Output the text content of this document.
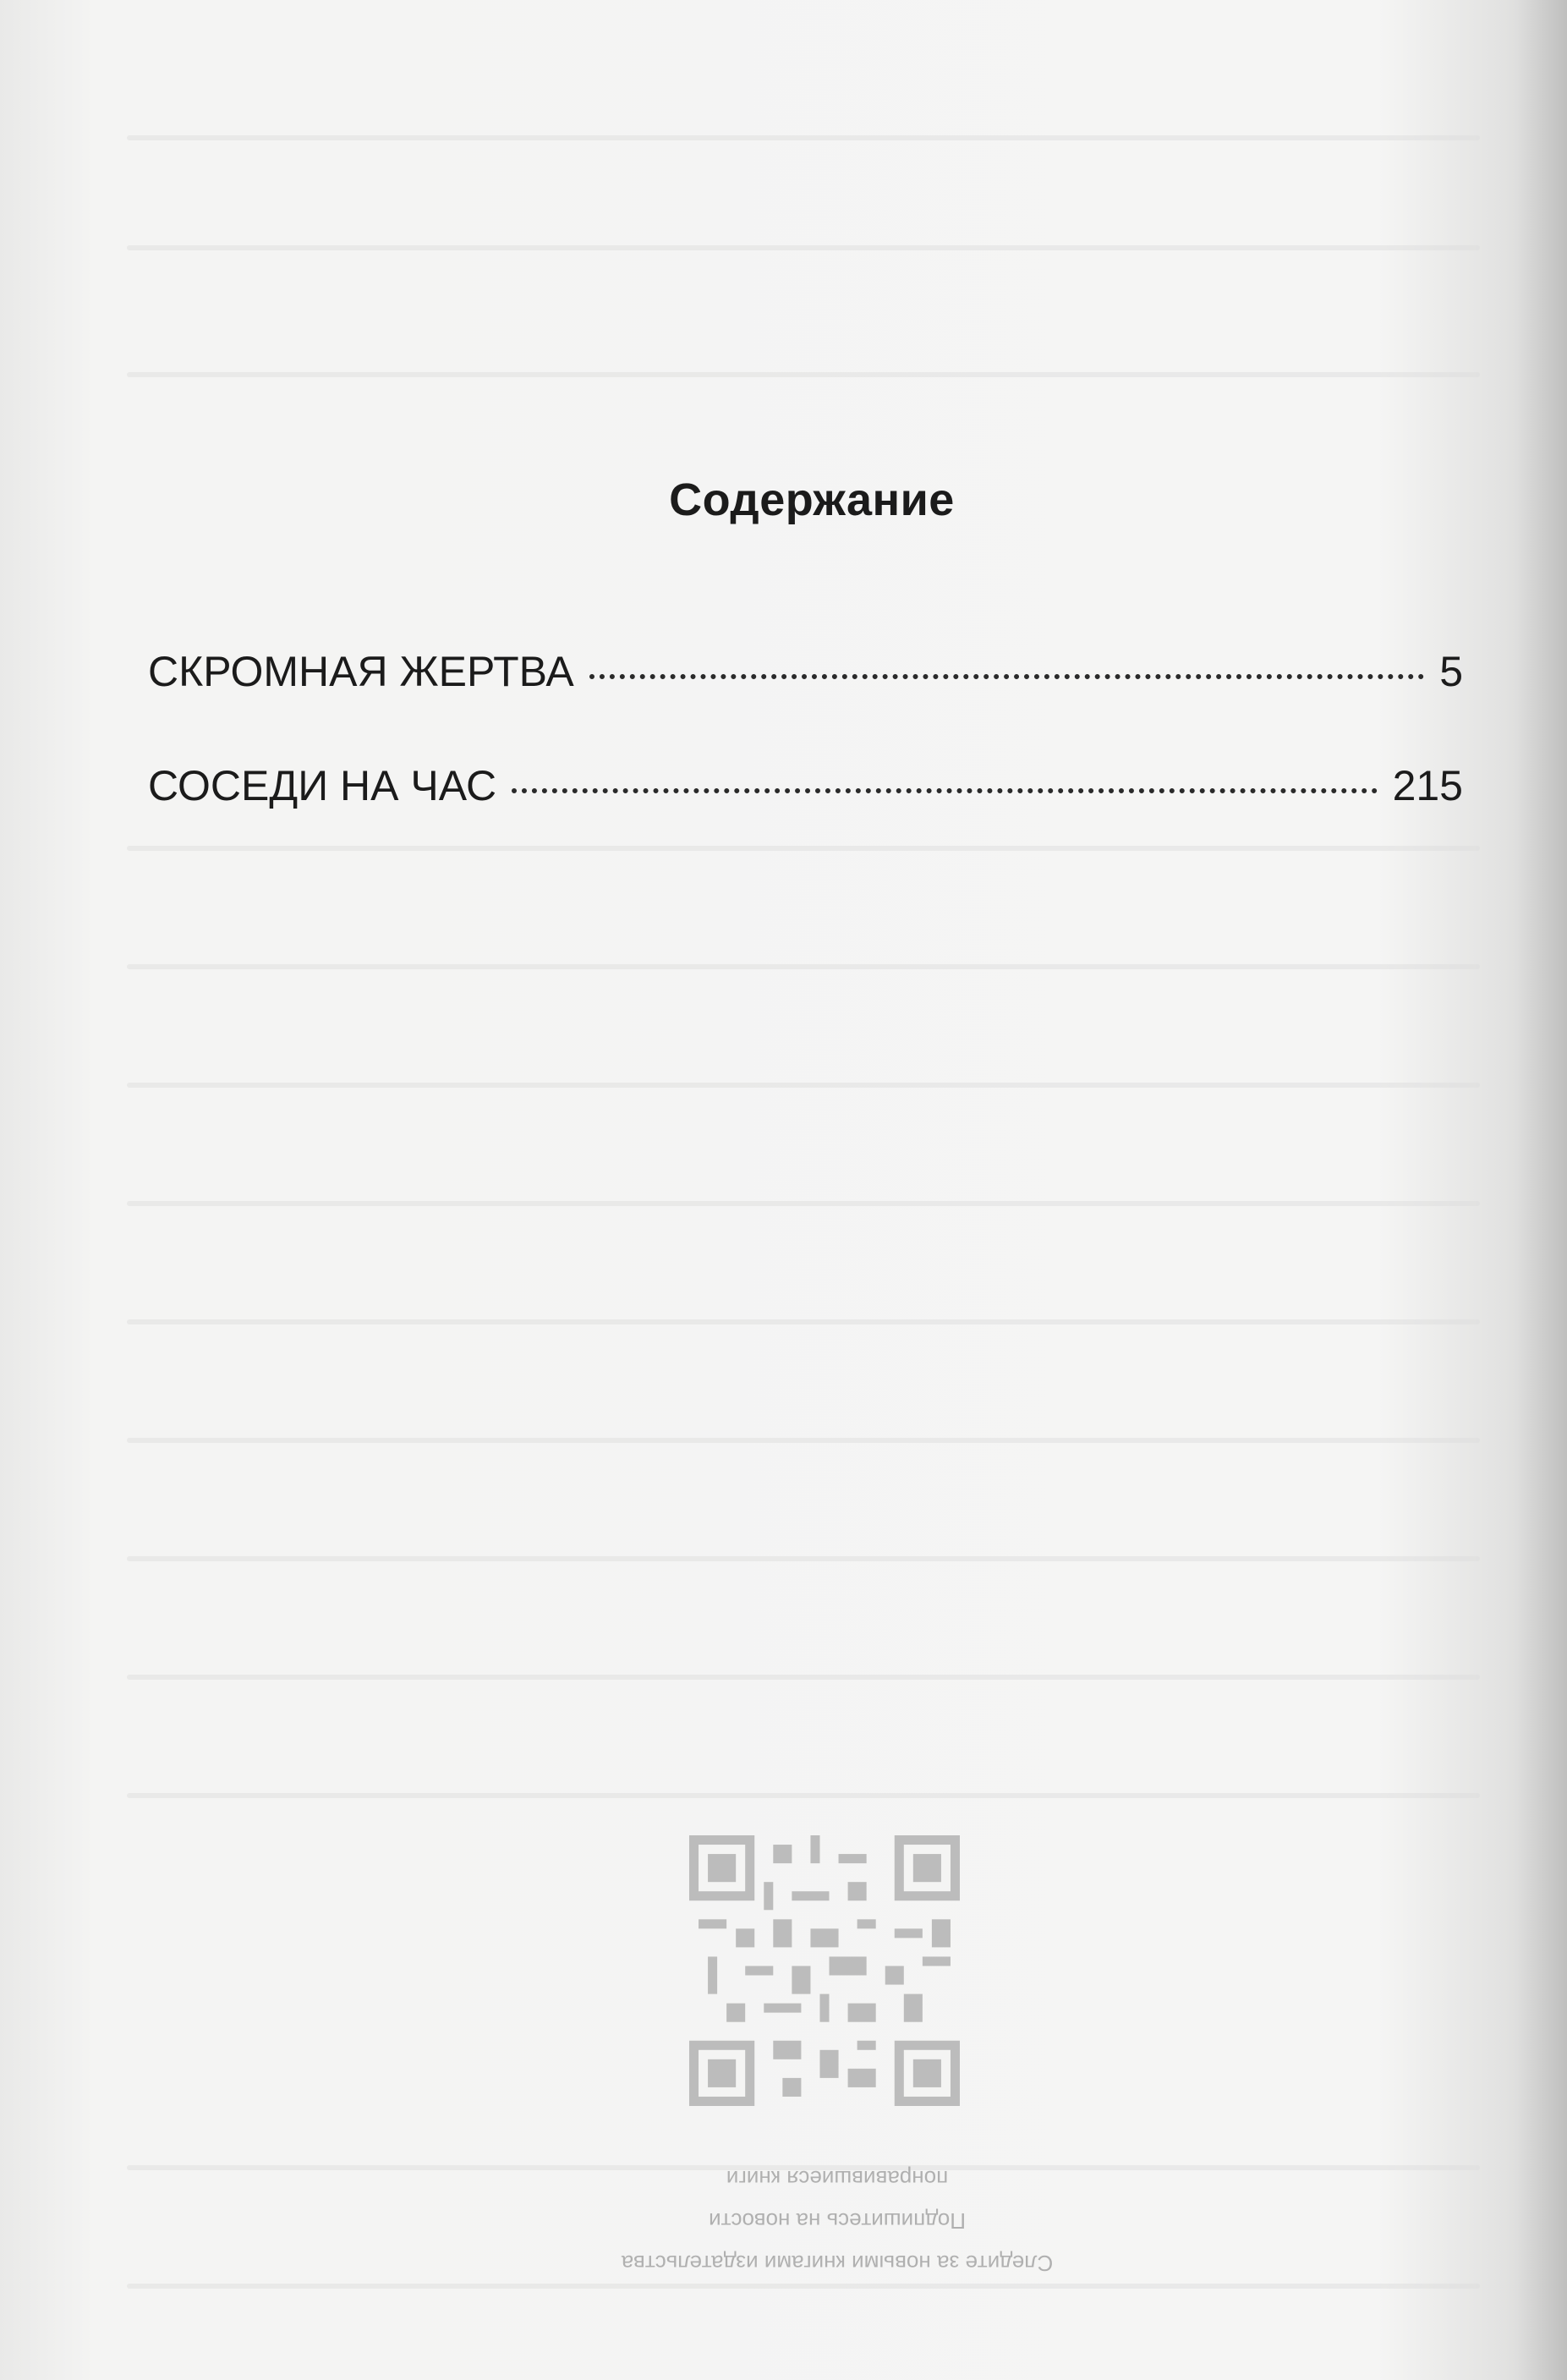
Содержание
СКРОМНАЯ ЖЕРТВА	5
СОСЕДИ НА ЧАС	215
Следите за новыми книгами издательства
Подпишитесь на новости
понравившиеся книги
